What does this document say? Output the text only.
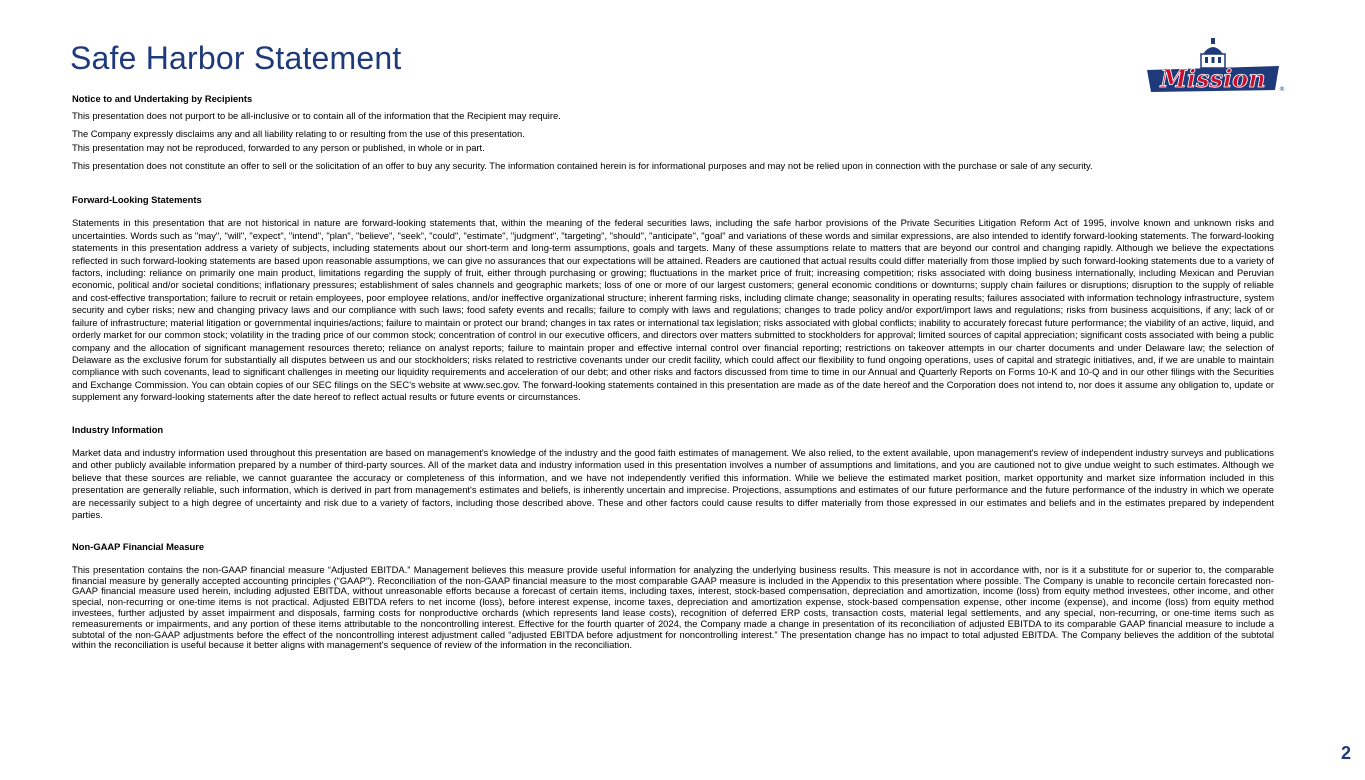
Safe Harbor Statement
Mission ®

Notice to and Undertaking by Recipients

This presentation does not purport to be all-inclusive or to contain all of the information that the Recipient may require.

The Company expressly disclaims any and all liability relating to or resulting from the use of this presentation.

This presentation may not be reproduced, forwarded to any person or published, in whole or in part.

This presentation does not constitute an offer to sell or the solicitation of an offer to buy any security. The information contained herein is for informational purposes and may not be relied upon in connection with the purchase or sale of any security.

Forward-Looking Statements

Statements in this presentation that are not historical in nature are forward-looking statements that, within the meaning of the federal securities laws, including the safe harbor provisions of the Private Securities Litigation Reform Act of 1995, involve known and unknown risks and uncertainties. Words such as "may", "will", "expect", "intend", "plan", "believe", "seek", "could", "estimate", "judgment", "targeting", "should", "anticipate", "goal" and variations of these words and similar expressions, are also intended to identify forward-looking statements. The forward-looking statements in this presentation address a variety of subjects, including statements about our short-term and long-term assumptions, goals and targets. Many of these assumptions relate to matters that are beyond our control and changing rapidly. Although we believe the expectations reflected in such forward-looking statements are based upon reasonable assumptions, we can give no assurances that our expectations will be attained. Readers are cautioned that actual results could differ materially from those implied by such forward-looking statements due to a variety of factors, including: reliance on primarily one main product, limitations regarding the supply of fruit, either through purchasing or growing; fluctuations in the market price of fruit; increasing competition; risks associated with doing business internationally, including Mexican and Peruvian economic, political and/or societal conditions; inflationary pressures; establishment of sales channels and geographic markets; loss of one or more of our largest customers; general economic conditions or downturns; supply chain failures or disruptions; disruption to the supply of reliable and cost-effective transportation; failure to recruit or retain employees, poor employee relations, and/or ineffective organizational structure; inherent farming risks, including climate change; seasonality in operating results; failures associated with information technology infrastructure, system security and cyber risks; new and changing privacy laws and our compliance with such laws; food safety events and recalls; failure to comply with laws and regulations; changes to trade policy and/or export/import laws and regulations; risks from business acquisitions, if any; lack of or failure of infrastructure; material litigation or governmental inquiries/actions; failure to maintain or protect our brand; changes in tax rates or international tax legislation; risks associated with global conflicts; inability to accurately forecast future performance; the viability of an active, liquid, and orderly market for our common stock; volatility in the trading price of our common stock; concentration of control in our executive officers, and directors over matters submitted to stockholders for approval; limited sources of capital appreciation; significant costs associated with being a public company and the allocation of significant management resources thereto; reliance on analyst reports; failure to maintain proper and effective internal control over financial reporting; restrictions on takeover attempts in our charter documents and under Delaware law; the selection of Delaware as the exclusive forum for substantially all disputes between us and our stockholders; risks related to restrictive covenants under our credit facility, which could affect our flexibility to fund ongoing operations, uses of capital and strategic initiatives, and, if we are unable to maintain compliance with such covenants, lead to significant challenges in meeting our liquidity requirements and acceleration of our debt; and other risks and factors discussed from time to time in our Annual and Quarterly Reports on Forms 10-K and 10-Q and in our other filings with the Securities and Exchange Commission. You can obtain copies of our SEC filings on the SEC’s website at www.sec.gov. The forward-looking statements contained in this presentation are made as of the date hereof and the Corporation does not intend to, nor does it assume any obligation to, update or supplement any forward-looking statements after the date hereof to reflect actual results or future events or circumstances.

Industry Information

Market data and industry information used throughout this presentation are based on management's knowledge of the industry and the good faith estimates of management. We also relied, to the extent available, upon management's review of independent industry surveys and publications and other publicly available information prepared by a number of third-party sources. All of the market data and industry information used in this presentation involves a number of assumptions and limitations, and you are cautioned not to give undue weight to such estimates. Although we believe that these sources are reliable, we cannot guarantee the accuracy or completeness of this information, and we have not independently verified this information. While we believe the estimated market position, market opportunity and market size information included in this presentation are generally reliable, such information, which is derived in part from management's estimates and beliefs, is inherently uncertain and imprecise. Projections, assumptions and estimates of our future performance and the future performance of the industry in which we operate are necessarily subject to a high degree of uncertainty and risk due to a variety of factors, including those described above. These and other factors could cause results to differ materially from those expressed in our estimates and beliefs and in the estimates prepared by independent parties.

Non-GAAP Financial Measure

This presentation contains the non-GAAP financial measure “Adjusted EBITDA.” Management believes this measure provide useful information for analyzing the underlying business results. This measure is not in accordance with, nor is it a substitute for or superior to, the comparable financial measure by generally accepted accounting principles (“GAAP”). Reconciliation of the non-GAAP financial measure to the most comparable GAAP measure is included in the Appendix to this presentation where possible. The Company is unable to reconcile certain forecasted non-GAAP financial measure used herein, including adjusted EBITDA, without unreasonable efforts because a forecast of certain items, including taxes, interest, stock-based compensation, depreciation and amortization, income (loss) from equity method investees, other income, and other special, non-recurring or one-time items is not practical. Adjusted EBITDA refers to net income (loss), before interest expense, income taxes, depreciation and amortization expense, stock-based compensation expense, other income (expense), and income (loss) from equity method investees, further adjusted by asset impairment and disposals, farming costs for nonproductive orchards (which represents land lease costs), recognition of deferred ERP costs, transaction costs, material legal settlements, and any special, non-recurring, or one-time items such as remeasurements or impairments, and any portion of these items attributable to the noncontrolling interest. Effective for the fourth quarter of 2024, the Company made a change in presentation of its reconciliation of adjusted EBITDA to its comparable GAAP financial measure to include a subtotal of the non-GAAP adjustments before the effect of the noncontrolling interest adjustment called “adjusted EBITDA before adjustment for noncontrolling interest.” The presentation change has no impact to total adjusted EBITDA. The Company believes the addition of the subtotal within the reconciliation is useful because it better aligns with management’s sequence of review of the information in the reconciliation.

2
